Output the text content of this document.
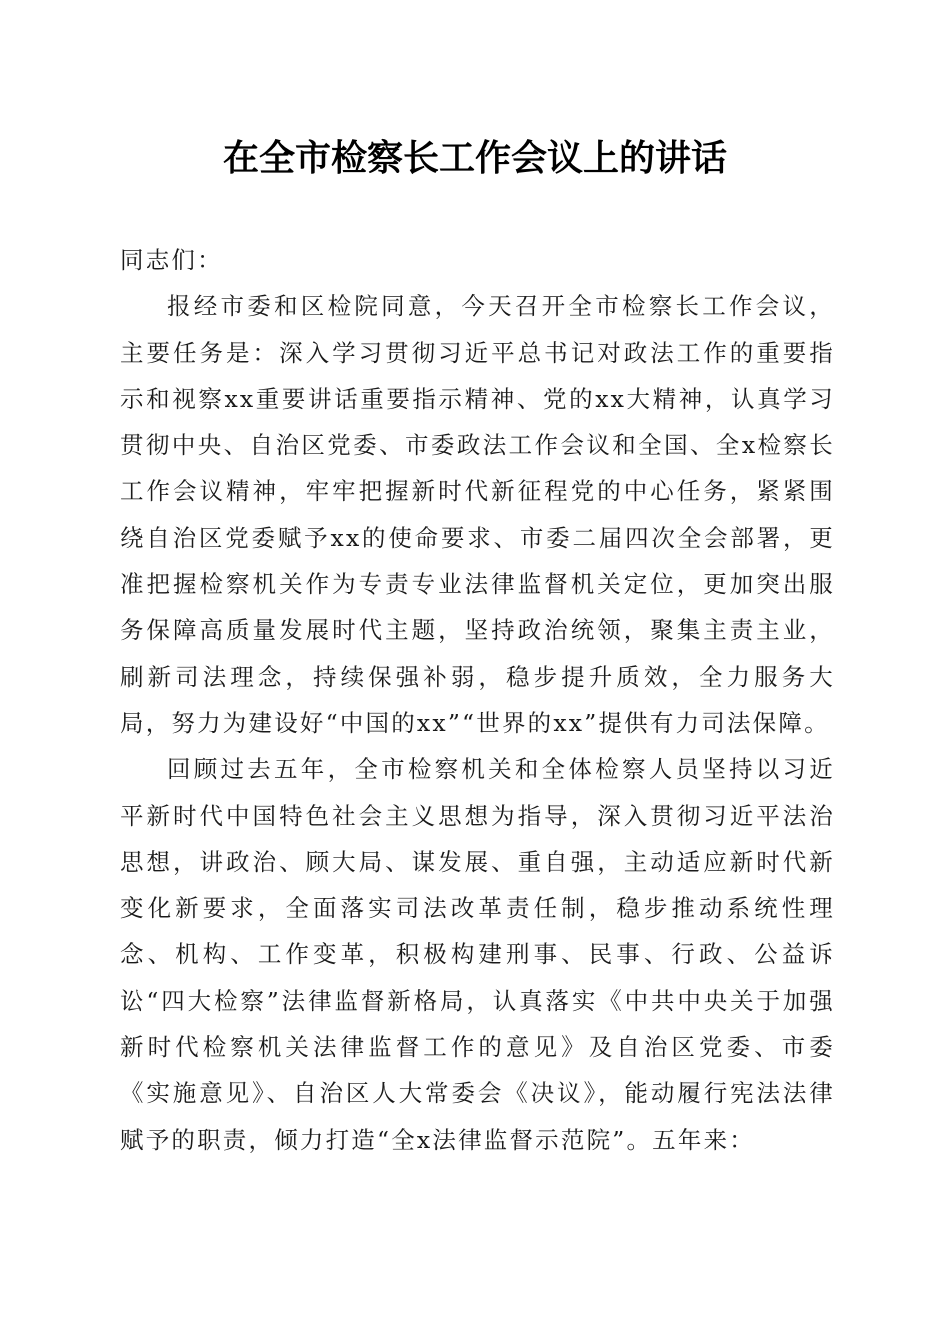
在全市检察长工作会议上的讲话

同志们：

报经市委和区检院同意，今天召开全市检察长工作会议，主要任务是：深入学习贯彻习近平总书记对政法工作的重要指示和视察xx重要讲话重要指示精神、党的xx大精神，认真学习贯彻中央、自治区党委、市委政法工作会议和全国、全x检察长工作会议精神，牢牢把握新时代新征程党的中心任务，紧紧围绕自治区党委赋予xx的使命要求、市委二届四次全会部署，更准把握检察机关作为专责专业法律监督机关定位，更加突出服务保障高质量发展时代主题，坚持政治统领，聚集主责主业，刷新司法理念，持续保强补弱，稳步提升质效，全力服务大局，努力为建设好“中国的xx”“世界的xx”提供有力司法保障。

回顾过去五年，全市检察机关和全体检察人员坚持以习近平新时代中国特色社会主义思想为指导，深入贯彻习近平法治思想，讲政治、顾大局、谋发展、重自强，主动适应新时代新变化新要求，全面落实司法改革责任制，稳步推动系统性理念、机构、工作变革，积极构建刑事、民事、行政、公益诉讼“四大检察”法律监督新格局，认真落实《中共中央关于加强新时代检察机关法律监督工作的意见》及自治区党委、市委《实施意见》、自治区人大常委会《决议》，能动履行宪法法律赋予的职责，倾力打造“全x法律监督示范院”。五年来：
